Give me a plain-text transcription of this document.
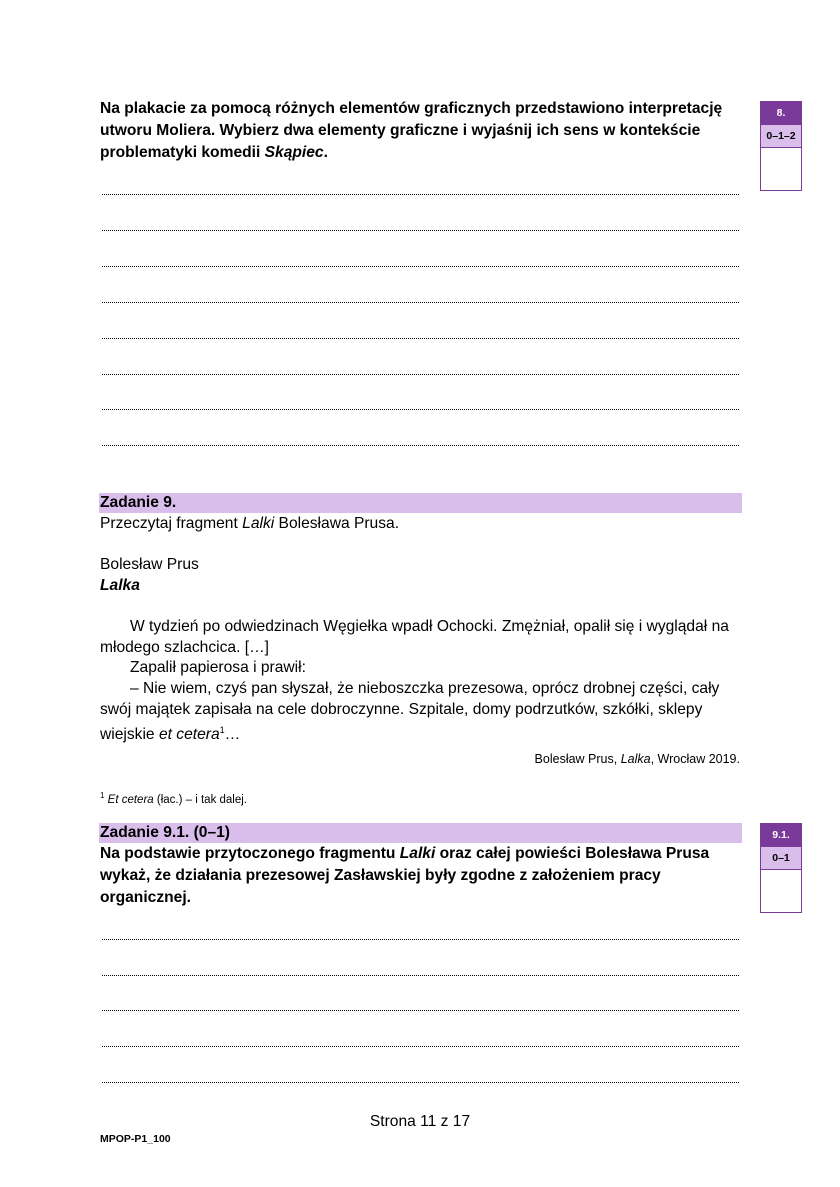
Na plakacie za pomocą różnych elementów graficznych przedstawiono interpretację utworu Moliera. Wybierz dwa elementy graficzne i wyjaśnij ich sens w kontekście problematyki komedii Skąpiec.
8.
0–1–2
Zadanie 9.
Przeczytaj fragment Lalki Bolesława Prusa.
Bolesław Prus
Lalka
W tydzień po odwiedzinach Węgiełka wpadł Ochocki. Zmężniał, opalił się i wyglądał na młodego szlachcica. […]
Zapalił papierosa i prawił:
– Nie wiem, czyś pan słyszał, że nieboszczka prezesowa, oprócz drobnej części, cały swój majątek zapisała na cele dobroczynne. Szpitale, domy podrzutków, szkółki, sklepy wiejskie et cetera$^1$…
Bolesław Prus, Lalka, Wrocław 2019.
$^1$ Et cetera (łac.) – i tak dalej.
Zadanie 9.1. (0–1)
Na podstawie przytoczonego fragmentu Lalki oraz całej powieści Bolesława Prusa wykaż, że działania prezesowej Zasławskiej były zgodne z założeniem pracy organicznej.
9.1.
0–1
Strona 11 z 17
MPOP-P1_100
